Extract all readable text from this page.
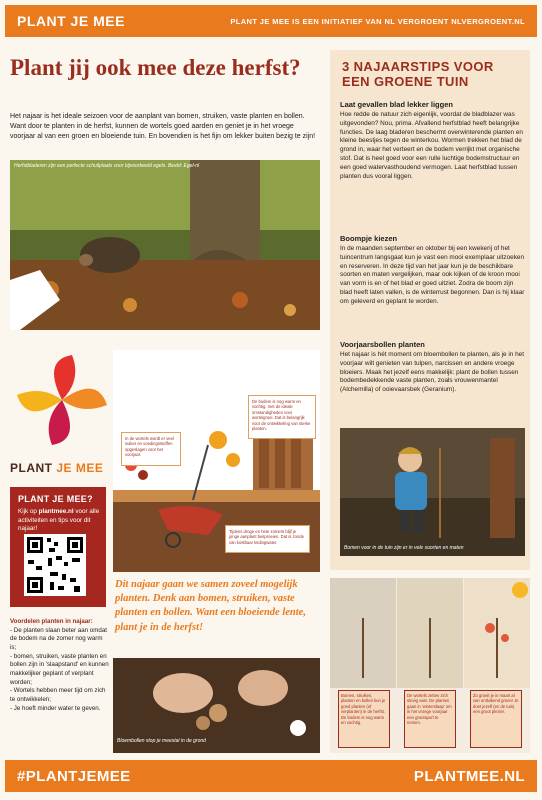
PLANT JE MEE	PLANT JE MEE IS EEN INITIATIEF VAN NL VERGROENT NLVERGROENT.NL
Plant jij ook mee deze herfst?
Het najaar is het ideale seizoen voor de aanplant van bomen, struiken, vaste planten en bollen. Want door te planten in de herfst, kunnen de wortels goed aarden en geniet je in het vroege voorjaar al van een groen en bloeiende tuin. En bovendien is het fijn om lekker buiten bezig te zijn!
Herfstbladeren zijn een perfecte schuilplaats voor bijvoorbeeld egels. Beeld: Egel-nl
PLANT JE MEE
PLANT JE MEE?
Kijk op plantmee.nl voor alle activiteiten en tips voor dit najaar!
Voordelen planten in najaar:
- De planten slaan beter aan omdat de bodem na de zomer nog warm is;
- bomen, struiken, vaste planten en bollen zijn in 'slaapstand' en kunnen makkelijker geplant of verplant worden;
- Wortels hebben meer tijd om zich te ontwikkelen;
- Je hoeft minder water te geven.
In de wortels wordt er veel suiker en voedingsstoffen opgeslagen voor het voorjaar.
De bodem is nog warm en vochtig, met de ideale omstandigheden voor wortelgroei. Dat is belangrijk voor de ontwikkeling van sterke planten.
Tijdens droge en hete zomers blijf je jonge aanplant besproeien. Dat is zonde van kostbaar leidingwater.
Dit najaar gaan we samen zoveel mogelijk planten. Denk aan bomen, struiken, vaste planten en bollen. Want een bloeiende lente, plant je in de herfst!
Bloembollen stop je meestal in de grond
3 NAJAARSTIPS VOOR EEN GROENE TUIN
Laat gevallen blad lekker liggen
Hoe redde de natuur zich eigenlijk, voordat de bladblazer was uitgevonden? Nou, prima. Afvallend herfstblad heeft belangrijke functies. De laag bladeren beschermt overwinterende planten en kleine beestjes tegen de winterkou. Wormen trekken het blad de grond in, waar het verteert en de bodem verrijkt met organische stof. Dat is heel goed voor een rulle luchtige bodemstructuur en een goed watervasthoudend vermogen. Laat herfstblad tussen planten dus vooral liggen.
Boompje kiezen
In de maanden september en oktober bij een kwekerij of het tuincentrum langsgaat kun je vast een mooi exemplaar uitzoeken en reserveren. In deze tijd van het jaar kun je de beschikbare soorten en maten vergelijken, maar ook kijken of de kroon mooi van vorm is en of het blad er goed uitziet. Zodra de boom zijn blad heeft laten vallen, is de winterrust begonnen. Dan is hij klaar om geleverd en geplant te worden.
Voorjaarsbollen planten
Het najaar is hét moment om bloembollen te planten, als je in het voorjaar wilt genieten van tulpen, narcissen en andere vroege bloeiers. Maak het jezelf eens makkelijk: plant de bollen tussen bodembedekkende vaste planten, zoals vrouwenmantel (Alchemilla) of ooievaarsbek (Geranium).
Bomen voor in de tuin zijn er in vele soorten en maten
Bomen, struiken, planten en bollen kun je goed planten (of verplanten) in de herfst. De bodem is nog warm en vochtig.
De wortels zetten zich stevig vast. De planten gaan in 'winterslaap' om in het vroege voorjaar een groeispurt te nemen.
Zo groeit je in maart al van ontluikend groen! Je doet jezelf (en de tuin) een groot plezier.
#PLANTJEMEE	PLANTMEE.NL
